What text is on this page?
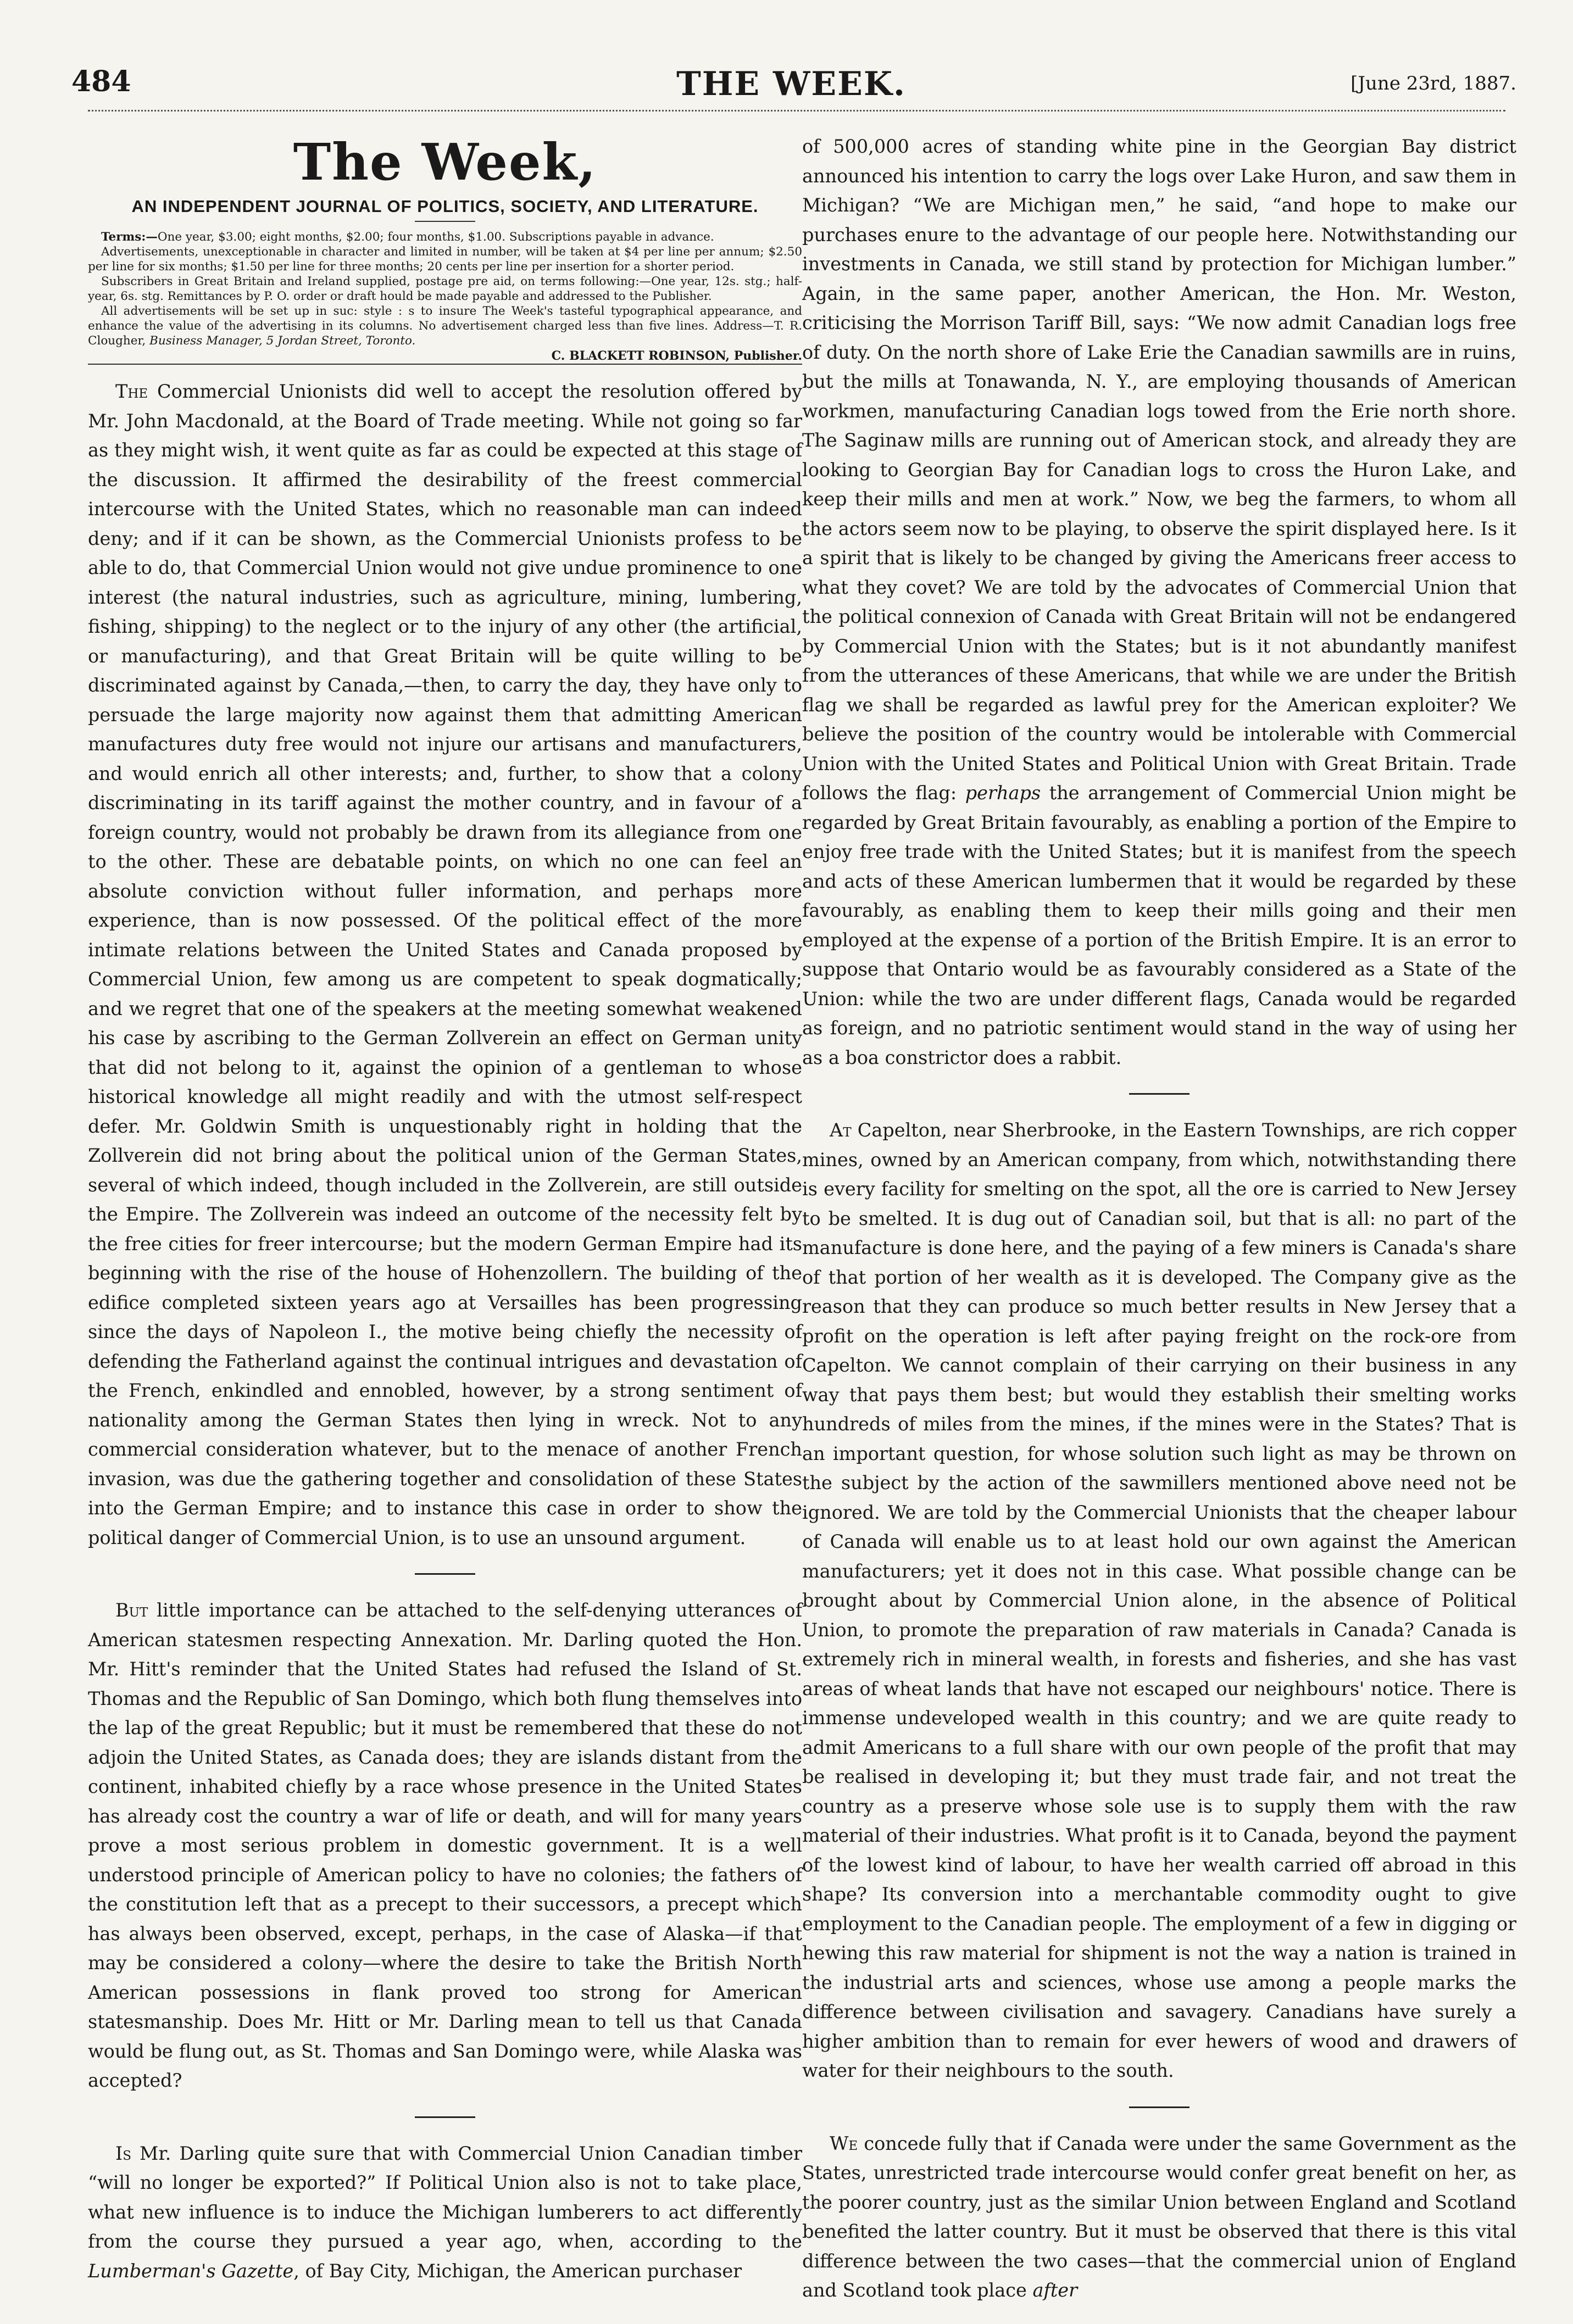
484	THE WEEK.	[June 23rd, 1887.
The Week,
AN INDEPENDENT JOURNAL OF POLITICS, SOCIETY, AND LITERATURE.

Terms:—One year, $3.00; eight months, $2.00; four months, $1.00. Subscriptions payable in advance.

Advertisements, unexceptionable in character and limited in number, will be taken at $4 per line per annum; $2.50 per line for six months; $1.50 per line for three months; 20 cents per line per insertion for a shorter period.

Subscribers in Great Britain and Ireland supplied, postage pre aid, on terms following:—One year, 12s. stg.; half-year, 6s. stg. Remittances by P. O. order or draft hould be made payable and addressed to the Publisher.

All advertisements will be set up in suc: style : s to insure The Week's tasteful typographical appearance, and enhance the value of the advertising in its columns. No advertisement charged less than five lines. Address—T. R. Clougher, Business Manager, 5 Jordan Street, Toronto.

C. BLACKETT ROBINSON, Publisher.

The Commercial Unionists did well to accept the resolution offered by Mr. John Macdonald, at the Board of Trade meeting. While not going so far as they might wish, it went quite as far as could be expected at this stage of the discussion. It affirmed the desirability of the freest commercial intercourse with the United States, which no reasonable man can indeed deny; and if it can be shown, as the Commercial Unionists profess to be able to do, that Commercial Union would not give undue prominence to one interest (the natural industries, such as agriculture, mining, lumbering, fishing, shipping) to the neglect or to the injury of any other (the artificial, or manufacturing), and that Great Britain will be quite willing to be discriminated against by Canada,—then, to carry the day, they have only to persuade the large majority now against them that admitting American manufactures duty free would not injure our artisans and manufacturers, and would enrich all other interests; and, further, to show that a colony discriminating in its tariff against the mother country, and in favour of a foreign country, would not probably be drawn from its allegiance from one to the other. These are debatable points, on which no one can feel an absolute conviction without fuller information, and perhaps more experience, than is now possessed. Of the political effect of the more intimate relations between the United States and Canada proposed by Commercial Union, few among us are competent to speak dogmatically; and we regret that one of the speakers at the meeting somewhat weakened his case by ascribing to the German Zollverein an effect on German unity that did not belong to it, against the opinion of a gentleman to whose historical knowledge all might readily and with the utmost self-respect defer. Mr. Goldwin Smith is unquestionably right in holding that the Zollverein did not bring about the political union of the German States, several of which indeed, though included in the Zollverein, are still outside the Empire. The Zollverein was indeed an outcome of the necessity felt by the free cities for freer intercourse; but the modern German Empire had its beginning with the rise of the house of Hohenzollern. The building of the edifice completed sixteen years ago at Versailles has been progressing since the days of Napoleon I., the motive being chiefly the necessity of defending the Fatherland against the continual intrigues and devastation of the French, enkindled and ennobled, however, by a strong sentiment of nationality among the German States then lying in wreck. Not to any commercial consideration whatever, but to the menace of another French invasion, was due the gathering together and consolidation of these States into the German Empire; and to instance this case in order to show the political danger of Commercial Union, is to use an unsound argument.

But little importance can be attached to the self-denying utterances of American statesmen respecting Annexation. Mr. Darling quoted the Hon. Mr. Hitt's reminder that the United States had refused the Island of St. Thomas and the Republic of San Domingo, which both flung themselves into the lap of the great Republic; but it must be remembered that these do not adjoin the United States, as Canada does; they are islands distant from the continent, inhabited chiefly by a race whose presence in the United States has already cost the country a war of life or death, and will for many years prove a most serious problem in domestic government. It is a well understood principle of American policy to have no colonies; the fathers of the constitution left that as a precept to their successors, a precept which has always been observed, except, perhaps, in the case of Alaska—if that may be considered a colony—where the desire to take the British North American possessions in flank proved too strong for American statesmanship. Does Mr. Hitt or Mr. Darling mean to tell us that Canada would be flung out, as St. Thomas and San Domingo were, while Alaska was accepted?

Is Mr. Darling quite sure that with Commercial Union Canadian timber “will no longer be exported?” If Political Union also is not to take place, what new influence is to induce the Michigan lumberers to act differently from the course they pursued a year ago, when, according to the Lumberman's Gazette, of Bay City, Michigan, the American purchaser

of 500,000 acres of standing white pine in the Georgian Bay district announced his intention to carry the logs over Lake Huron, and saw them in Michigan? “We are Michigan men,” he said, “and hope to make our purchases enure to the advantage of our people here. Notwithstanding our investments in Canada, we still stand by protection for Michigan lumber.” Again, in the same paper, another American, the Hon. Mr. Weston, criticising the Morrison Tariff Bill, says: “We now admit Canadian logs free of duty. On the north shore of Lake Erie the Canadian sawmills are in ruins, but the mills at Tonawanda, N. Y., are employing thousands of American workmen, manufacturing Canadian logs towed from the Erie north shore. The Saginaw mills are running out of American stock, and already they are looking to Georgian Bay for Canadian logs to cross the Huron Lake, and keep their mills and men at work.” Now, we beg the farmers, to whom all the actors seem now to be playing, to observe the spirit displayed here. Is it a spirit that is likely to be changed by giving the Americans freer access to what they covet? We are told by the advocates of Commercial Union that the political connexion of Canada with Great Britain will not be endangered by Commercial Union with the States; but is it not abundantly manifest from the utterances of these Americans, that while we are under the British flag we shall be regarded as lawful prey for the American exploiter? We believe the position of the country would be intolerable with Commercial Union with the United States and Political Union with Great Britain. Trade follows the flag: perhaps the arrangement of Commercial Union might be regarded by Great Britain favourably, as enabling a portion of the Empire to enjoy free trade with the United States; but it is manifest from the speech and acts of these American lumbermen that it would be regarded by these favourably, as enabling them to keep their mills going and their men employed at the expense of a portion of the British Empire. It is an error to suppose that Ontario would be as favourably considered as a State of the Union: while the two are under different flags, Canada would be regarded as foreign, and no patriotic sentiment would stand in the way of using her as a boa constrictor does a rabbit.

At Capelton, near Sherbrooke, in the Eastern Townships, are rich copper mines, owned by an American company, from which, notwithstanding there is every facility for smelting on the spot, all the ore is carried to New Jersey to be smelted. It is dug out of Canadian soil, but that is all: no part of the manufacture is done here, and the paying of a few miners is Canada's share of that portion of her wealth as it is developed. The Company give as the reason that they can produce so much better results in New Jersey that a profit on the operation is left after paying freight on the rock-ore from Capelton. We cannot complain of their carrying on their business in any way that pays them best; but would they establish their smelting works hundreds of miles from the mines, if the mines were in the States? That is an important question, for whose solution such light as may be thrown on the subject by the action of the sawmillers mentioned above need not be ignored. We are told by the Commercial Unionists that the cheaper labour of Canada will enable us to at least hold our own against the American manufacturers; yet it does not in this case. What possible change can be brought about by Commercial Union alone, in the absence of Political Union, to promote the preparation of raw materials in Canada? Canada is extremely rich in mineral wealth, in forests and fisheries, and she has vast areas of wheat lands that have not escaped our neighbours' notice. There is immense undeveloped wealth in this country; and we are quite ready to admit Americans to a full share with our own people of the profit that may be realised in developing it; but they must trade fair, and not treat the country as a preserve whose sole use is to supply them with the raw material of their industries. What profit is it to Canada, beyond the payment of the lowest kind of labour, to have her wealth carried off abroad in this shape? Its conversion into a merchantable commodity ought to give employment to the Canadian people. The employment of a few in digging or hewing this raw material for shipment is not the way a nation is trained in the industrial arts and sciences, whose use among a people marks the difference between civilisation and savagery. Canadians have surely a higher ambition than to remain for ever hewers of wood and drawers of water for their neighbours to the south.

We concede fully that if Canada were under the same Government as the States, unrestricted trade intercourse would confer great benefit on her, as the poorer country, just as the similar Union between England and Scotland benefited the latter country. But it must be observed that there is this vital difference between the two cases—that the commercial union of England and Scotland took place after
